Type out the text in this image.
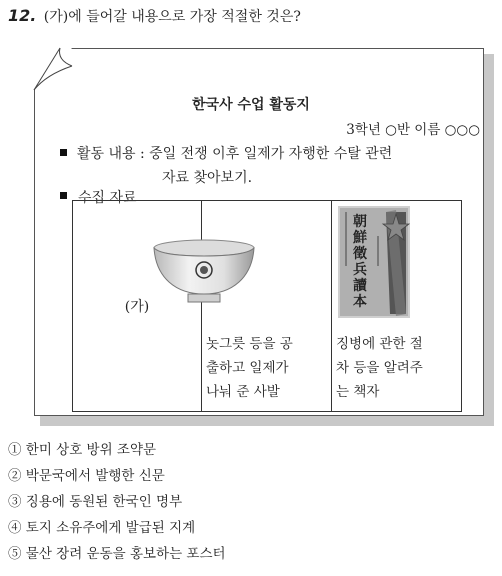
12. (가)에 들어갈 내용으로 가장 적절한 것은?
한국사 수업 활동지
3학년 ○반 이름 ○○○
활동 내용 : 중일 전쟁 이후 일제가 자행한 수탈 관련
자료 찾아보기.
수집 자료
(가)
朝
鮮
徵
兵
讀
本
놋그릇 등을 공
출하고 일제가
나눠 준 사발
징병에 관한 절
차 등을 알려주
는 책자
① 한미 상호 방위 조약문
② 박문국에서 발행한 신문
③ 징용에 동원된 한국인 명부
④ 토지 소유주에게 발급된 지계
⑤ 물산 장려 운동을 홍보하는 포스터
